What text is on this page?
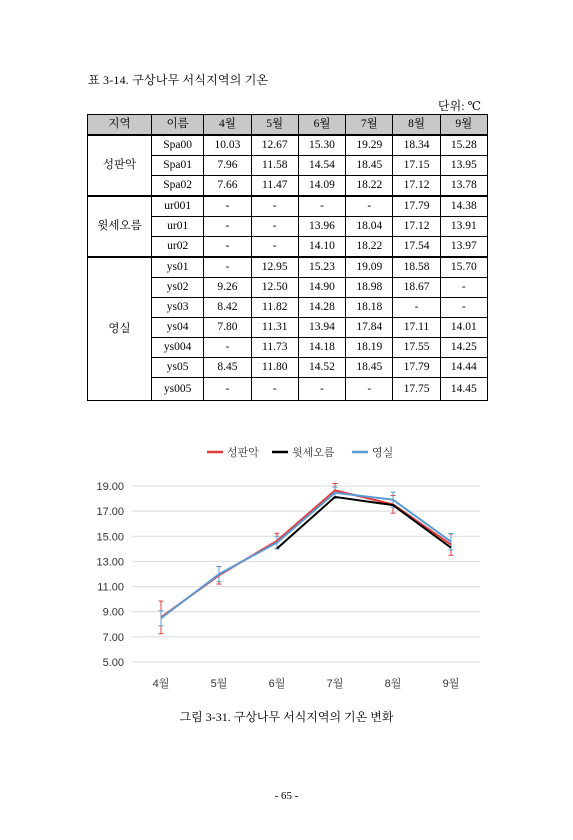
표 3-14. 구상나무 서식지역의 기온
단위: ℃
지역	이름	4월	5월	6월	7월	8월	9월
성판악	Spa00	10.03	12.67	15.30	19.29	18.34	15.28
	Spa01	7.96	11.58	14.54	18.45	17.15	13.95
	Spa02	7.66	11.47	14.09	18.22	17.12	13.78
윗세오름	ur001	-	-	-	-	17.79	14.38
	ur01	-	-	13.96	18.04	17.12	13.91
	ur02	-	-	14.10	18.22	17.54	13.97
영실	ys01	-	12.95	15.23	19.09	18.58	15.70
	ys02	9.26	12.50	14.90	18.98	18.67	-
	ys03	8.42	11.82	14.28	18.18	-	-
	ys04	7.80	11.31	13.94	17.84	17.11	14.01
	ys004	-	11.73	14.18	18.19	17.55	14.25
	ys05	8.45	11.80	14.52	18.45	17.79	14.44
	ys005	-	-	-	-	17.75	14.45
5.00
7.00
9.00
11.00
13.00
15.00
17.00
19.00
4월	5월	6월	7월	8월	9월
성판악	윗세오름	영실
그림 3-31. 구상나무 서식지역의 기온 변화
- 65 -
